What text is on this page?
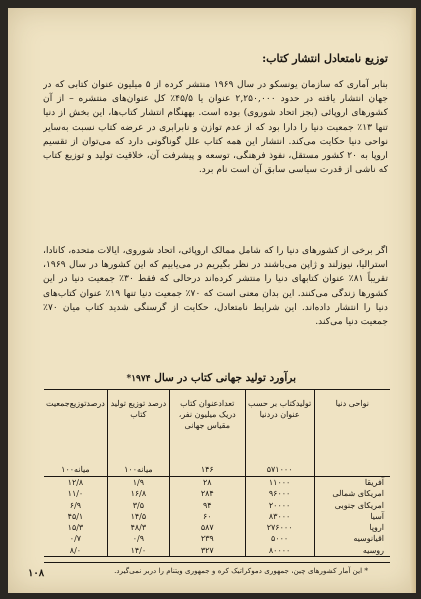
توزیع نامتعادل انتشار کتاب:

بنابر آماری که سازمان یونسکو در سال ۱۹۶۹ منتشر کرده از ۵ میلیون عنوان کتابی که در جهان انتشار یافته در حدود ۲,۲۵۰,۰۰۰ عنوان یا ۴۵/۵٪ کل عنوان‌های منتشره – از آن کشورهای اروپائی (بجز اتحاد شوروی) بوده است. بههنگام انتشار کتاب‌ها، این بخش از دنیا تنها ۱۳٪ جمعیت دنیا را دارا بود که از عدم توازن و نابرابری در عرضه کتاب نسبت به‌سایر نواحی دنیا حکایت می‌کند. انتشار این همه کتاب علل گوناگونی دارد که می‌توان از تقسیم اروپا به ۲۰ کشور مستقل، نفوذ فرهنگی، توسعه و پیشرفت آن، خلاقیت تولید و توزیع کتاب که ناشی از قدرت سیاسی سابق آن است نام برد.

اگر برخی از کشورهای دنیا را که شامل ممالک اروپائی، اتحاد شوروی، ایالات متحده، کانادا، استرالیا، نیوزلند و ژاپن می‌باشند در نظر بگیریم در می‌یابیم که این کشورها در سال ۱۹۶۹، تقریباً ۸۱٪ عنوان کتابهای دنیا را منتشر کرده‌اند درحالی که فقط ۳۰٪ جمعیت دنیا در این کشورها زندگی می‌کنند. این بدان معنی است که ۷۰٪ جمعیت دنیا تنها ۱۹٪ عنوان کتاب‌های دنیا را انتشار داده‌اند. این شرایط نامتعادل، حکایت از گرسنگی شدید کتاب میان ۷۰٪ جمعیت دنیا می‌کند.

برآورد تولید جهانی کتاب در سال ۱۹۷۴*
نواحی دنیا	تولیدکتاب بر حسب عنوان دردنیا	تعدادعنوان کتاب دریک میلیون نفر، مقیاس جهانی	درصد توزیع تولید کتاب	درصدتوزیع‌جمعیت
	۵۷۱۰۰۰	۱۴۶	میانه۱۰۰	میانه۱۰۰
آفریقا	۱۱۰۰۰	۲۸	۱/۹	۱۲/۸
امریکای شمالی	۹۶۰۰۰	۲۸۴	۱۶/۸	۱۱/۰
امریکای جنوبی	۲۰۰۰۰	۹۴	۳/۵	۶/۹
آسیا	۸۳۰۰۰	۶۰	۱۴/۵	۴۵/۱
اروپا	۲۷۶۰۰۰	۵۸۷	۴۸/۳	۱۵/۳
اقیانوسیه	۵۰۰۰	۲۳۹	۰/۹	۰/۷
روسیه	۸۰۰۰۰	۳۲۷	۱۴/۰	۸/۰

* این آمار کشورهای چین، جمهوری دموکراتیک کره و جمهوری ویتنام را دربر نمی‌گیرد.

۱۰۸
